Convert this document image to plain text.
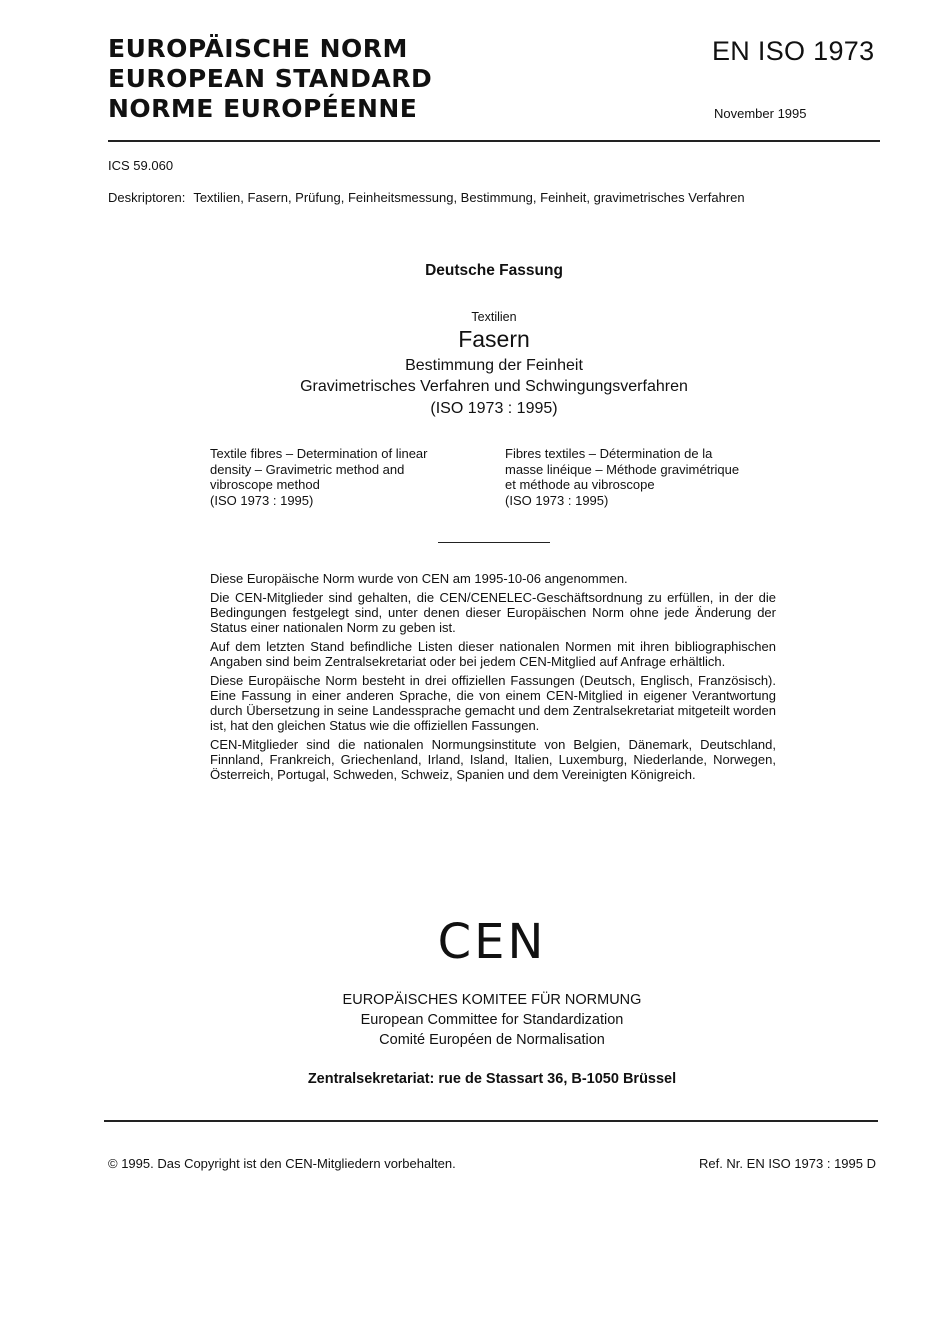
EUROPÄISCHE NORM
EUROPEAN STANDARD
NORME EUROPÉENNE
EN ISO 1973
November 1995
ICS 59.060
Deskriptoren: Textilien, Fasern, Prüfung, Feinheitsmessung, Bestimmung, Feinheit, gravimetrisches Verfahren
Deutsche Fassung
Textilien
Fasern
Bestimmung der Feinheit
Gravimetrisches Verfahren und Schwingungsverfahren
(ISO 1973 : 1995)
Textile fibres – Determination of linear
density – Gravimetric method and
vibroscope method
(ISO 1973 : 1995)
Fibres textiles – Détermination de la
masse linéique – Méthode gravimétrique
et méthode au vibroscope
(ISO 1973 : 1995)

Diese Europäische Norm wurde von CEN am 1995-10-06 angenommen.

Die CEN-Mitglieder sind gehalten, die CEN/CENELEC-Geschäftsordnung zu erfüllen, in der die Bedingungen festgelegt sind, unter denen dieser Europäischen Norm ohne jede Änderung der Status einer nationalen Norm zu geben ist.

Auf dem letzten Stand befindliche Listen dieser nationalen Normen mit ihren bibliographischen Angaben sind beim Zentralsekretariat oder bei jedem CEN-Mitglied auf Anfrage erhältlich.

Diese Europäische Norm besteht in drei offiziellen Fassungen (Deutsch, Englisch, Französisch). Eine Fassung in einer anderen Sprache, die von einem CEN-Mitglied in eigener Verantwortung durch Übersetzung in seine Landessprache gemacht und dem Zentralsekretariat mitgeteilt worden ist, hat den gleichen Status wie die offiziellen Fassungen.

CEN-Mitglieder sind die nationalen Normungsinstitute von Belgien, Dänemark, Deutschland, Finnland, Frankreich, Griechenland, Irland, Island, Italien, Luxemburg, Niederlande, Norwegen, Österreich, Portugal, Schweden, Schweiz, Spanien und dem Vereinigten Königreich.

CEN
EUROPÄISCHES KOMITEE FÜR NORMUNG
European Committee for Standardization
Comité Européen de Normalisation
Zentralsekretariat: rue de Stassart 36, B-1050 Brüssel
© 1995. Das Copyright ist den CEN-Mitgliedern vorbehalten.	Ref. Nr. EN ISO 1973 : 1995 D
